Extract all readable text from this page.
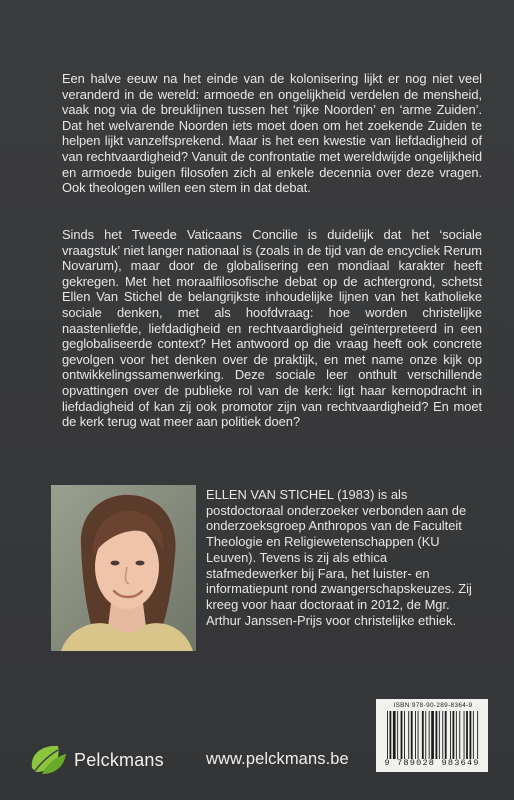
Een halve eeuw na het einde van de kolonisering lijkt er nog niet veel veranderd in de wereld: armoede en ongelijkheid verdelen de mensheid, vaak nog via de breuklijnen tussen het ‘rijke Noorden’ en ‘arme Zuiden’. Dat het welvarende Noorden iets moet doen om het zoekende Zuiden te helpen lijkt vanzelfsprekend. Maar is het een kwestie van liefdadigheid of van rechtvaardigheid? Vanuit de confrontatie met wereldwijde ongelijkheid en armoede buigen filosofen zich al enkele decennia over deze vragen. Ook theologen willen een stem in dat debat.

Sinds het Tweede Vaticaans Concilie is duidelijk dat het ‘sociale vraagstuk’ niet langer nationaal is (zoals in de tijd van de encycliek Rerum Novarum), maar door de globalisering een mondiaal karakter heeft gekregen. Met het moraalfilosofische debat op de achtergrond, schetst Ellen Van Stichel de belangrijkste inhoudelijke lijnen van het katholieke sociale denken, met als hoofdvraag: hoe worden christelijke naastenliefde, liefdadigheid en rechtvaardigheid geïnterpreteerd in een geglobaliseerde context? Het antwoord op die vraag heeft ook concrete gevolgen voor het denken over de praktijk, en met name onze kijk op ontwikkelingssamenwerking. Deze sociale leer onthult verschillende opvattingen over de publieke rol van de kerk: ligt haar kernopdracht in liefdadigheid of kan zij ook promotor zijn van rechtvaardigheid? En moet de kerk terug wat meer aan politiek doen?

ELLEN VAN STICHEL (1983) is als postdoctoraal onderzoeker verbonden aan de onderzoeksgroep Anthropos van de Faculteit Theologie en Religiewetenschappen (KU Leuven). Tevens is zij als ethica stafmedewerker bij Fara, het luister- en informatiepunt rond zwangerschapskeuzes. Zij kreeg voor haar doctoraat in 2012, de Mgr. Arthur Janssen-Prijs voor christelijke ethiek.

Pelckmans	www.pelckmans.be
ISBN 978-90-289-8364-9
9 789028 983649
